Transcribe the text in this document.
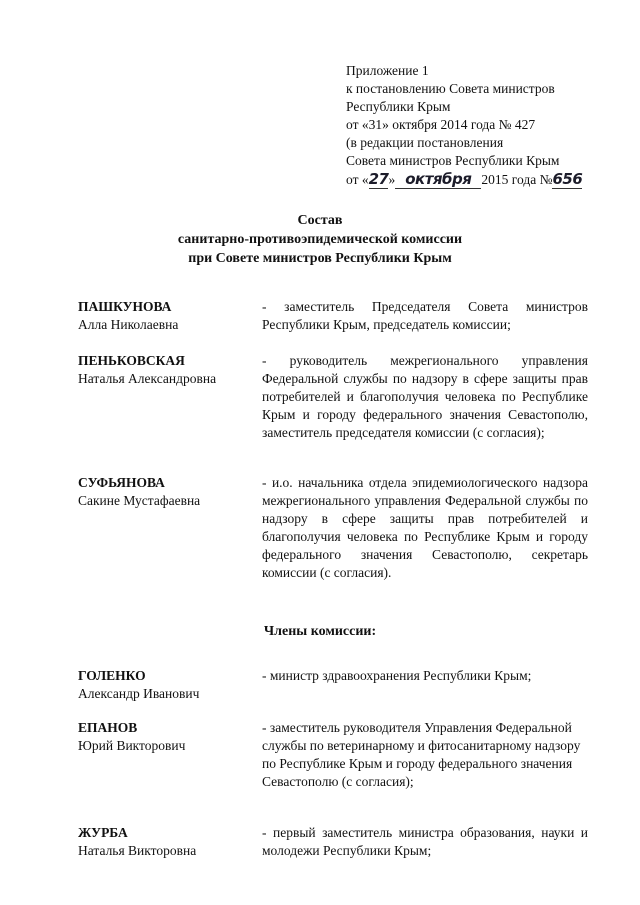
Приложение 1
к постановлению Совета министров
Республики Крым
от «31» октября 2014 года № 427
(в редакции постановления
Совета министров Республики Крым
от «27» октября 2015 года №656
Состав
санитарно-противоэпидемической комиссии
при Совете министров Республики Крым
ПАШКУНОВА
Алла Николаевна
- заместитель Председателя Совета министров Республики Крым, председатель комиссии;
ПЕНЬКОВСКАЯ
Наталья Александровна
- руководитель межрегионального управления Федеральной службы по надзору в сфере защиты прав потребителей и благополучия человека по Республике Крым и городу федерального значения Севастополю, заместитель председателя комиссии (с согласия);
СУФЬЯНОВА
Сакине Мустафаевна
- и.о. начальника отдела эпидемиологического надзора межрегионального управления Федеральной службы по надзору в сфере защиты прав потребителей и благополучия человека по Республике Крым и городу федерального значения Севастополю, секретарь комиссии (с согласия).
Члены комиссии:
ГОЛЕНКО
Александр Иванович
- министр здравоохранения Республики Крым;
ЕПАНОВ
Юрий Викторович
- заместитель руководителя Управления Федеральной службы по ветеринарному и фитосанитарному надзору по Республике Крым и городу федерального значения Севастополю (с согласия);
ЖУРБА
Наталья Викторовна
- первый заместитель министра образования, науки и молодежи Республики Крым;
